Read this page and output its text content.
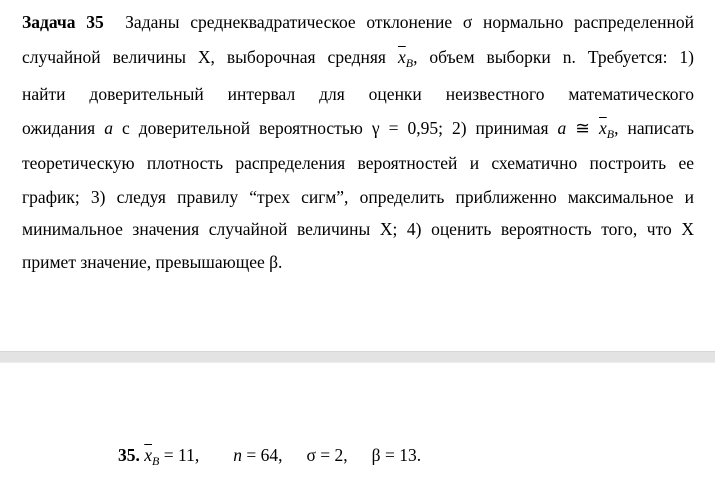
Задача 35 Заданы среднеквадратическое отклонение σ нормально распределенной
случайной величины X, выборочная средняя $\overline{x}_B$, объем выборки n. Требуется: 1)
найти доверительный интервал для оценки неизвестного математического
ожидания a с доверительной вероятностью γ = 0,95; 2) принимая a ≅ $\overline{x}_B$, написать
теоретическую плотность распределения вероятностей и схематично построить ее
график; 3) следуя правилу “трех сигм”, определить приближенно максимальное и
минимальное значения случайной величины X; 4) оценить вероятность того, что X
примет значение, превышающее β.
35. $\overline{x}_B = 11$, n = 64, σ = 2, β = 13.
